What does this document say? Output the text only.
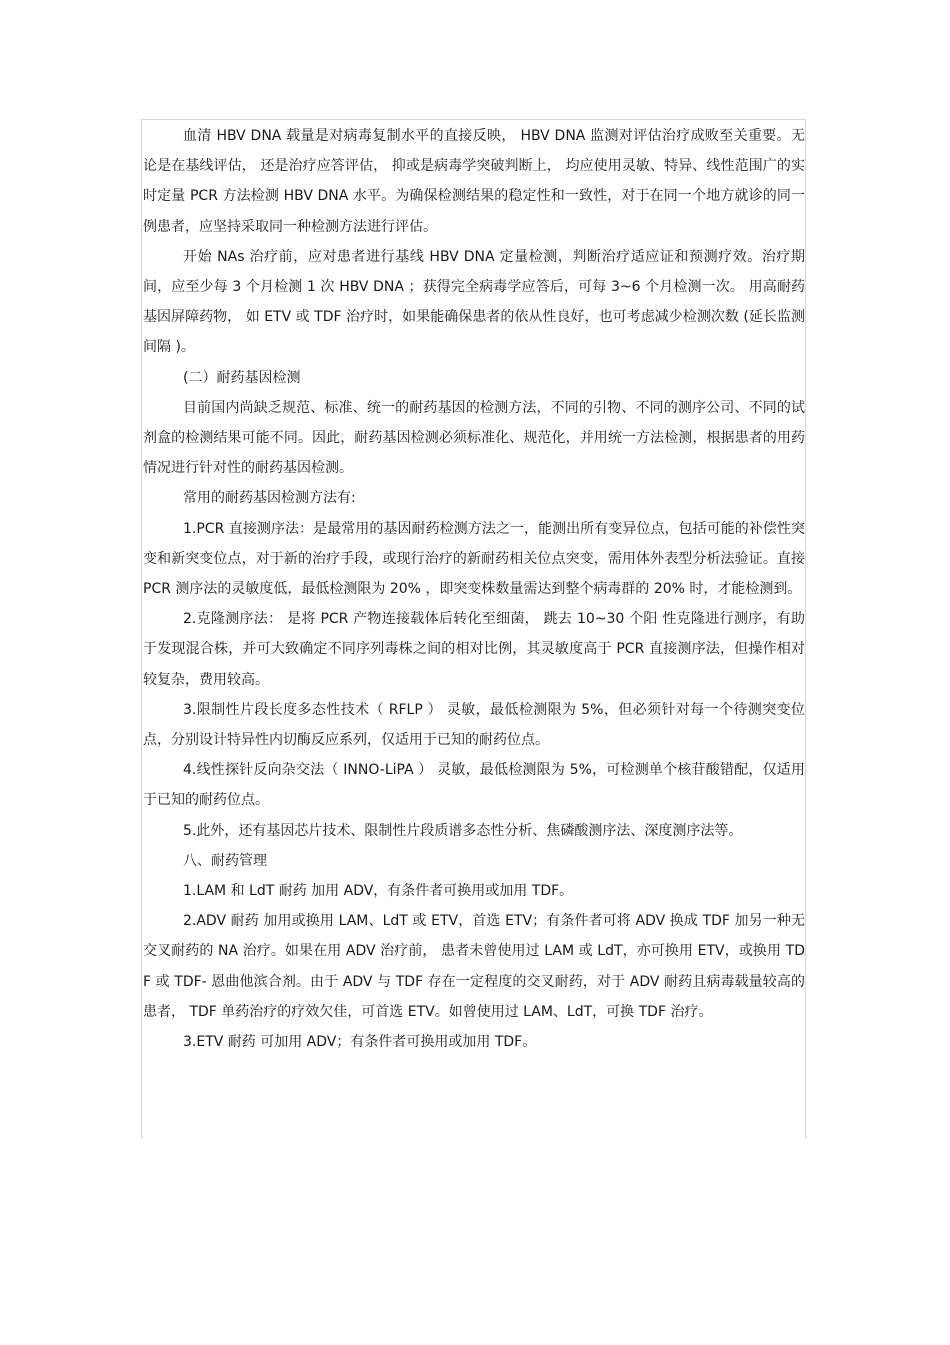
血清 HBV DNA 载量是对病毒复制水平的直接反映， HBV DNA 监测对评估治疗成败至关重要。无论是在基线评估， 还是治疗应答评估， 抑或是病毒学突破判断上， 均应使用灵敏、特异、线性范围广的实时定量 PCR 方法检测 HBV DNA 水平。为确保检测结果的稳定性和一致性，对于在同一个地方就诊的同一例患者，应坚持采取同一种检测方法进行评估。

开始 NAs 治疗前，应对患者进行基线 HBV DNA 定量检测，判断治疗适应证和预测疗效。治疗期间，应至少每 3 个月检测 1 次 HBV DNA ；获得完全病毒学应答后，可每 3~6 个月检测一次。 用高耐药基因屏障药物， 如 ETV 或 TDF 治疗时，如果能确保患者的依从性良好，也可考虑减少检测次数 (延长监测间隔 )。

(二）耐药基因检测

目前国内尚缺乏规范、标准、统一的耐药基因的检测方法，不同的引物、不同的测序公司、不同的试剂盒的检测结果可能不同。因此，耐药基因检测必须标准化、规范化，并用统一方法检测，根据患者的用药情况进行针对性的耐药基因检测。

常用的耐药基因检测方法有:

1.PCR 直接测序法：是最常用的基因耐药检测方法之一，能测出所有变异位点，包括可能的补偿性突变和新突变位点，对于新的治疗手段，或现行治疗的新耐药相关位点突变，需用体外表型分析法验证。直接 PCR 测序法的灵敏度低，最低检测限为 20% ，即突变株数量需达到整个病毒群的 20% 时，才能检测到。

2.克隆测序法： 是将 PCR 产物连接载体后转化至细菌， 跳去 10~30 个阳 性克隆进行测序，有助于发现混合株，并可大致确定不同序列毒株之间的相对比例，其灵敏度高于 PCR 直接测序法，但操作相对较复杂，费用较高。

3.限制性片段长度多态性技术（ RFLP ） 灵敏，最低检测限为 5%，但必须针对每一个待测突变位点，分别设计特异性内切酶反应系列，仅适用于已知的耐药位点。

4.线性探针反向杂交法（ INNO-LiPA ） 灵敏，最低检测限为 5%，可检测单个核苷酸错配，仅适用于已知的耐药位点。

5.此外，还有基因芯片技术、限制性片段质谱多态性分析、焦磷酸测序法、深度测序法等。

八、耐药管理

1.LAM 和 LdT 耐药 加用 ADV，有条件者可换用或加用 TDF。

2.ADV 耐药 加用或换用 LAM、LdT 或 ETV，首选 ETV；有条件者可将 ADV 换成 TDF 加另一种无交叉耐药的 NA 治疗。如果在用 ADV 治疗前， 患者未曾使用过 LAM 或 LdT，亦可换用 ETV，或换用 TDF 或 TDF- 恩曲他滨合剂。由于 ADV 与 TDF 存在一定程度的交叉耐药，对于 ADV 耐药且病毒载量较高的患者， TDF 单药治疗的疗效欠佳，可首选 ETV。如曾使用过 LAM、LdT，可换 TDF 治疗。

3.ETV 耐药 可加用 ADV；有条件者可换用或加用 TDF。
